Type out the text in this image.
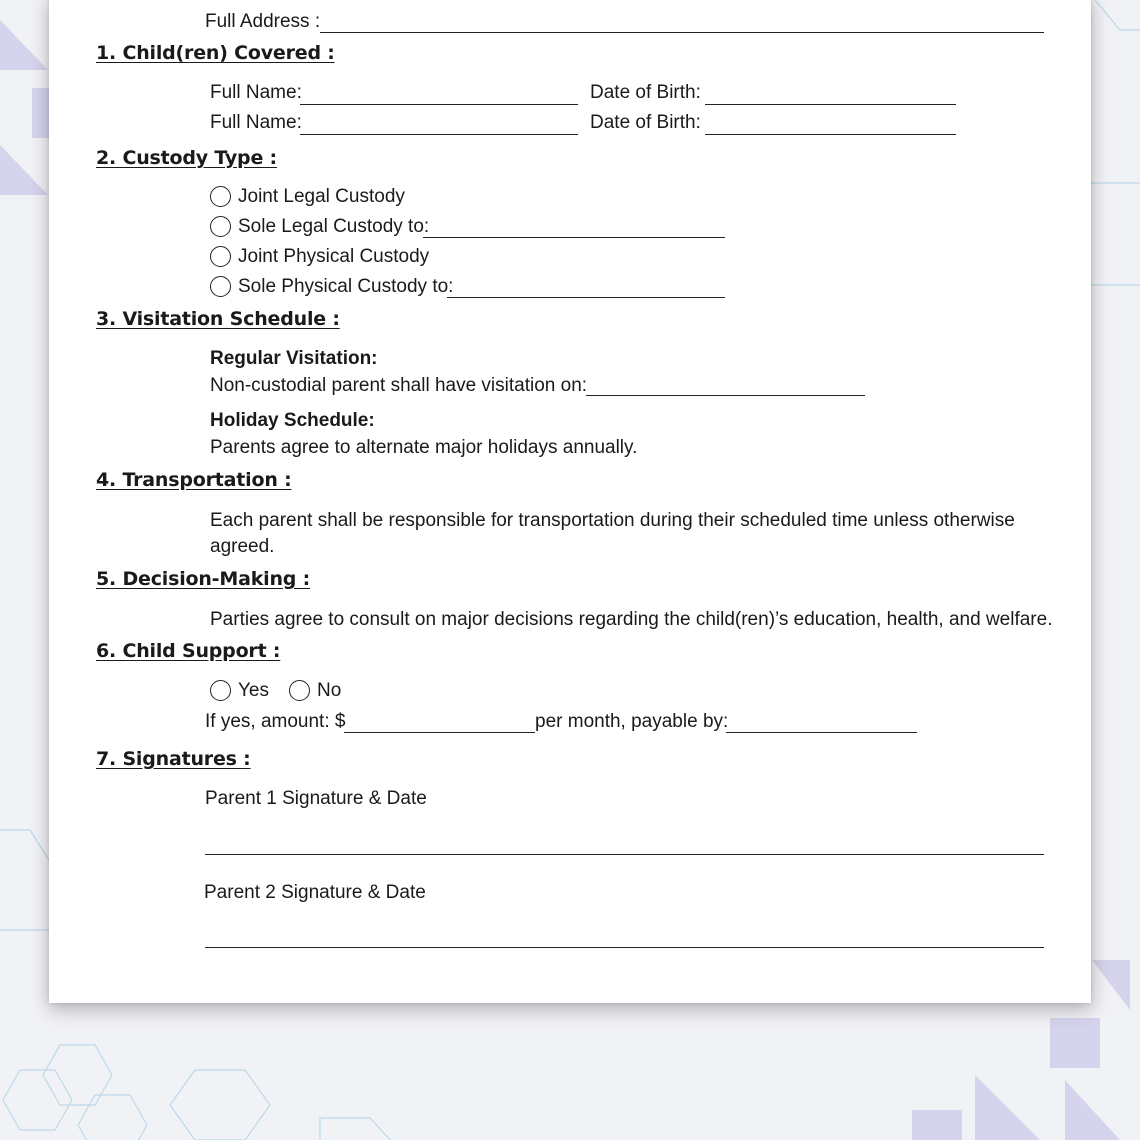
Full Address :
1. Child(ren) Covered :
Full Name:	Date of Birth:
Full Name:	Date of Birth:
2. Custody Type :
Joint Legal Custody
Sole Legal Custody to:
Joint Physical Custody
Sole Physical Custody to:
3. Visitation Schedule :
Regular Visitation:
Non-custodial parent shall have visitation on:
Holiday Schedule:
Parents agree to alternate major holidays annually.
4. Transportation :
Each parent shall be responsible for transportation during their scheduled time unless otherwise
agreed.
5. Decision-Making :
Parties agree to consult on major decisions regarding the child(ren)’s education, health, and welfare.
6. Child Support :
Yes	No
If yes, amount: $	per month, payable by:
7. Signatures :
Parent 1 Signature & Date
Parent 2 Signature & Date
